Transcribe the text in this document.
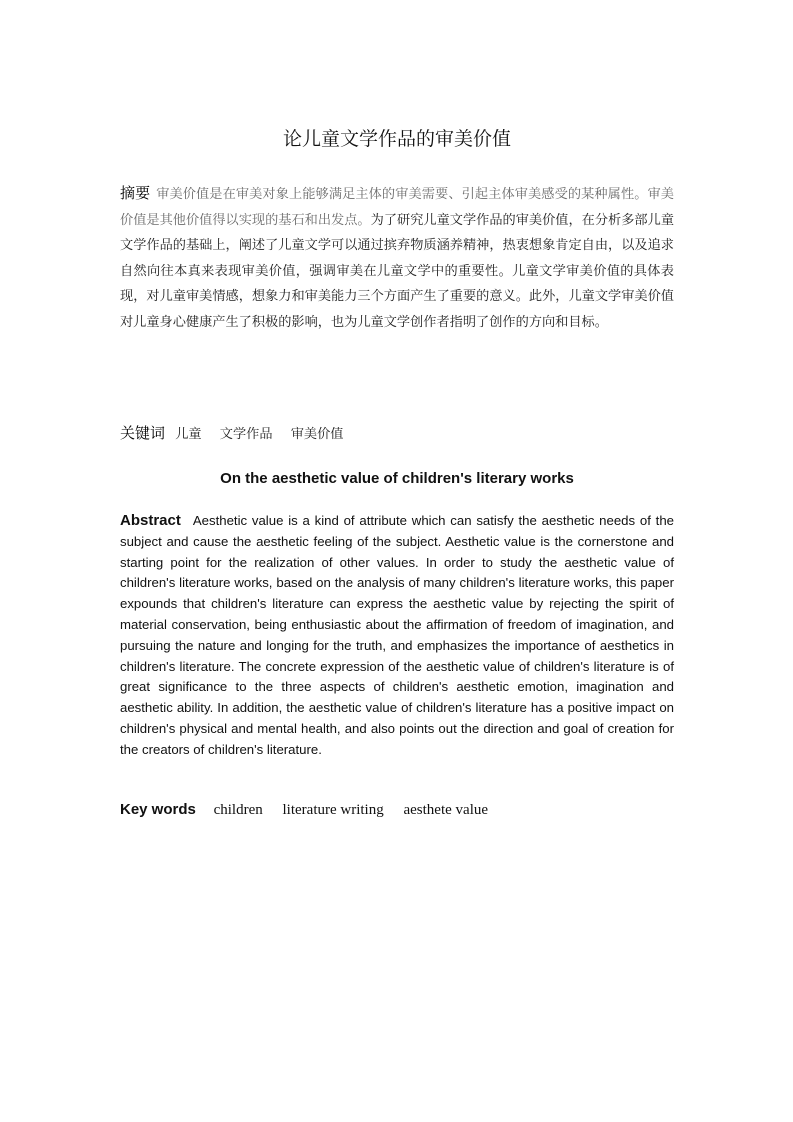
论儿童文学作品的审美价值
摘要 审美价值是在审美对象上能够满足主体的审美需要、引起主体审美感受的某种属性。审美价值是其他价值得以实现的基石和出发点。为了研究儿童文学作品的审美价值，在分析多部儿童文学作品的基础上，阐述了儿童文学可以通过摈弃物质涵养精神，热衷想象肯定自由，以及追求自然向往本真来表现审美价值，强调审美在儿童文学中的重要性。儿童文学审美价值的具体表现，对儿童审美情感，想象力和审美能力三个方面产生了重要的意义。此外，儿童文学审美价值对儿童身心健康产生了积极的影响，也为儿童文学创作者指明了创作的方向和目标。
关键词 儿童 文学作品 审美价值
On the aesthetic value of children's literary works
Abstract Aesthetic value is a kind of attribute which can satisfy the aesthetic needs of the subject and cause the aesthetic feeling of the subject. Aesthetic value is the cornerstone and starting point for the realization of other values. In order to study the aesthetic value of children's literature works, based on the analysis of many children's literature works, this paper expounds that children's literature can express the aesthetic value by rejecting the spirit of material conservation, being enthusiastic about the affirmation of freedom of imagination, and pursuing the nature and longing for the truth, and emphasizes the importance of aesthetics in children's literature. The concrete expression of the aesthetic value of children's literature is of great significance to the three aspects of children's aesthetic emotion, imagination and aesthetic ability. In addition, the aesthetic value of children's literature has a positive impact on children's physical and mental health, and also points out the direction and goal of creation for the creators of children's literature.
Key words children literature writing aesthete value
